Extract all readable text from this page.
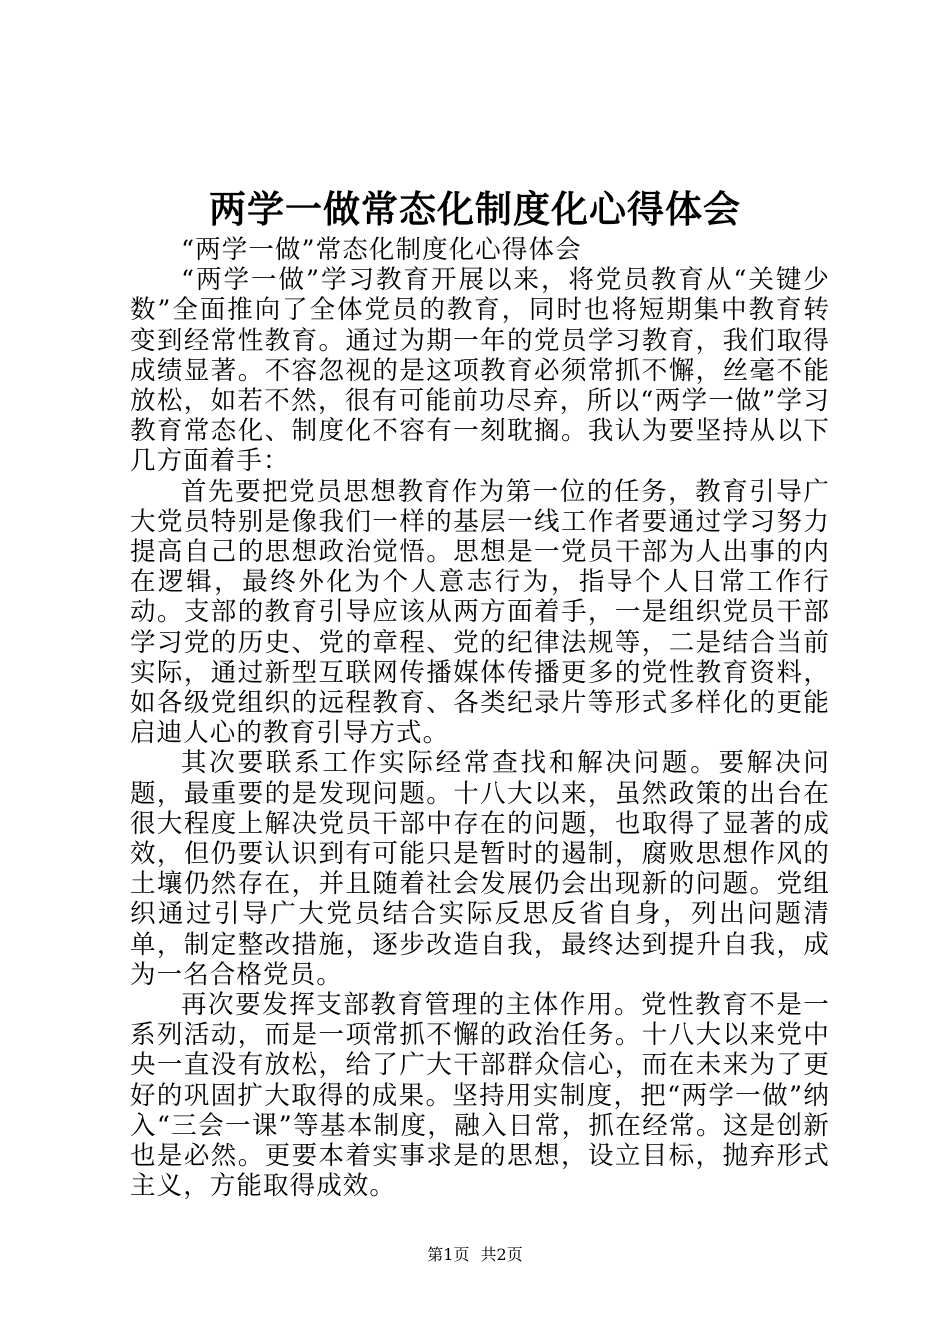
两学一做常态化制度化心得体会

“两学一做”常态化制度化心得体会

“两学一做”学习教育开展以来，将党员教育从“关键少数”全面推向了全体党员的教育，同时也将短期集中教育转变到经常性教育。通过为期一年的党员学习教育，我们取得成绩显著。不容忽视的是这项教育必须常抓不懈，丝毫不能放松，如若不然，很有可能前功尽弃，所以“两学一做”学习教育常态化、制度化不容有一刻耽搁。我认为要坚持从以下几方面着手：

首先要把党员思想教育作为第一位的任务，教育引导广大党员特别是像我们一样的基层一线工作者要通过学习努力提高自己的思想政治觉悟。思想是一党员干部为人出事的内在逻辑，最终外化为个人意志行为，指导个人日常工作行动。支部的教育引导应该从两方面着手，一是组织党员干部学习党的历史、党的章程、党的纪律法规等，二是结合当前实际，通过新型互联网传播媒体传播更多的党性教育资料，如各级党组织的远程教育、各类纪录片等形式多样化的更能启迪人心的教育引导方式。

其次要联系工作实际经常查找和解决问题。要解决问题，最重要的是发现问题。十八大以来，虽然政策的出台在很大程度上解决党员干部中存在的问题，也取得了显著的成效，但仍要认识到有可能只是暂时的遏制，腐败思想作风的土壤仍然存在，并且随着社会发展仍会出现新的问题。党组织通过引导广大党员结合实际反思反省自身，列出问题清单，制定整改措施，逐步改造自我，最终达到提升自我，成为一名合格党员。

再次要发挥支部教育管理的主体作用。党性教育不是一系列活动，而是一项常抓不懈的政治任务。十八大以来党中央一直没有放松，给了广大干部群众信心，而在未来为了更好的巩固扩大取得的成果。坚持用实制度，把“两学一做”纳入“三会一课”等基本制度，融入日常，抓在经常。这是创新也是必然。更要本着实事求是的思想，设立目标，抛弃形式主义，方能取得成效。

第1页 共2页
